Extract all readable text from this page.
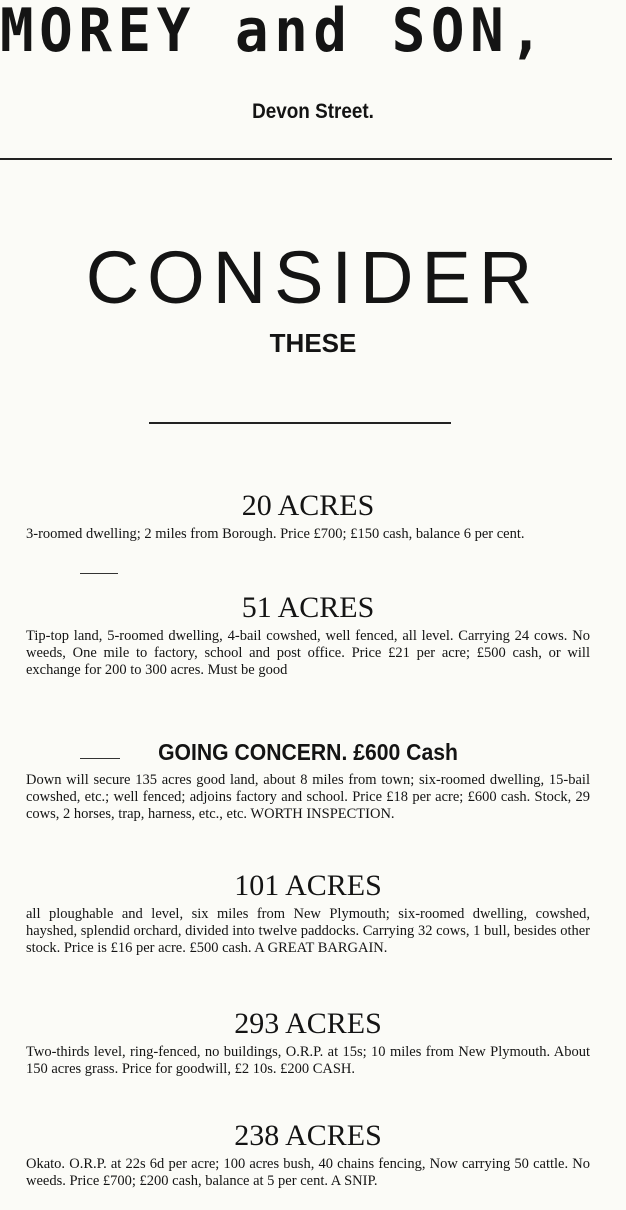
MOREY and SON,
Devon Street.
CONSIDER
THESE
20 ACRES
3-roomed dwelling; 2 miles from Borough. Price £700; £150 cash, balance 6 per cent.
51 ACRES
Tip-top land, 5-roomed dwelling, 4-bail cowshed, well fenced, all level. Carrying 24 cows. No weeds, One mile to factory, school and post office. Price £21 per acre; £500 cash, or will exchange for 200 to 300 acres. Must be good
GOING CONCERN. £600 Cash
Down will secure 135 acres good land, about 8 miles from town; six-roomed dwelling, 15-bail cowshed, etc.; well fenced; adjoins factory and school. Price £18 per acre; £600 cash. Stock, 29 cows, 2 horses, trap, harness, etc., etc. WORTH INSPECTION.
101 ACRES
all ploughable and level, six miles from New Plymouth; six-roomed dwelling, cowshed, hayshed, splendid orchard, divided into twelve paddocks. Carrying 32 cows, 1 bull, besides other stock. Price is £16 per acre. £500 cash. A GREAT BARGAIN.
293 ACRES
Two-thirds level, ring-fenced, no buildings, O.R.P. at 15s; 10 miles from New Plymouth. About 150 acres grass. Price for goodwill, £2 10s. £200 CASH.
238 ACRES
Okato. O.R.P. at 22s 6d per acre; 100 acres bush, 40 chains fencing, Now carrying 50 cattle. No weeds. Price £700; £200 cash, balance at 5 per cent. A SNIP.
